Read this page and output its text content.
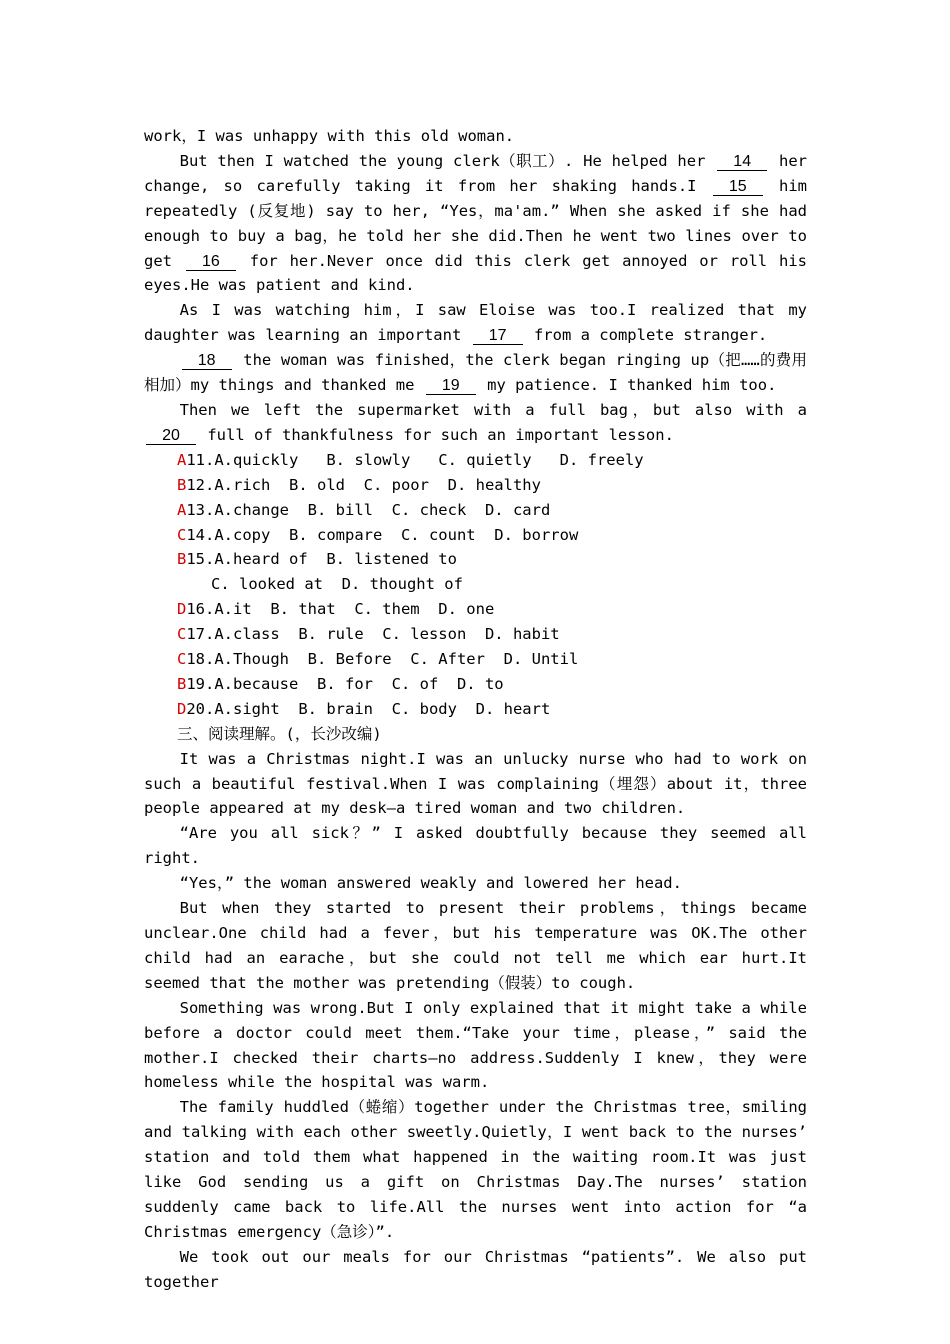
work，I was unhappy with this old woman.

But then I watched the young clerk（职工）. He helped her 14 her change, so carefully taking it from her shaking hands.I 15 him repeatedly (反复地) say to her, “Yes，ma'am.” When she asked if she had enough to buy a bag，he told her she did.Then he went two lines over to get 16 for her.Never once did this clerk get annoyed or roll his eyes.He was patient and kind.

As I was watching him，I saw Eloise was too.I realized that my daughter was learning an important 17 from a complete stranger.

18 the woman was finished，the clerk began ringing up（把……的费用相加）my things and thanked me 19 my patience. I thanked him too.

Then we left the supermarket with a full bag，but also with a 20 full of thankfulness for such an important lesson.

A11.A.quickly   B. slowly   C. quietly   D. freely

B12.A.rich  B. old  C. poor  D. healthy

A13.A.change  B. bill  C. check  D. card

C14.A.copy  B. compare  C. count  D. borrow

B15.A.heard of  B. listened to

C. looked at  D. thought of

D16.A.it  B. that  C. them  D. one

C17.A.class  B. rule  C. lesson  D. habit

C18.A.Though  B. Before  C. After  D. Until

B19.A.because  B. for  C. of  D. to

D20.A.sight  B. brain  C. body  D. heart

三、阅读理解。(，长沙改编)

It was a Christmas night.I was an unlucky nurse who had to work on such a beautiful festival.When I was complaining（埋怨）about it，three people appeared at my desk—a tired woman and two children.

“Are you all sick？” I asked doubtfully because they seemed all right.

“Yes，” the woman answered weakly and lowered her head.

But when they started to present their problems，things became unclear.One child had a fever，but his temperature was OK.The other child had an earache，but she could not tell me which ear hurt.It seemed that the mother was pretending（假装）to cough.

Something was wrong.But I only explained that it might take a while before a doctor could meet them.“Take your time，please，” said the mother.I checked their charts—no address.Suddenly I knew，they were homeless while the hospital was warm.

The family huddled（蜷缩）together under the Christmas tree，smiling and talking with each other sweetly.Quietly，I went back to the nurses’ station and told them what happened in the waiting room.It was just like God sending us a gift on Christmas Day.The nurses’ station suddenly came back to life.All the nurses went into action for “a Christmas emergency（急诊）”.

We took out our meals for our Christmas “patients”. We also put together
